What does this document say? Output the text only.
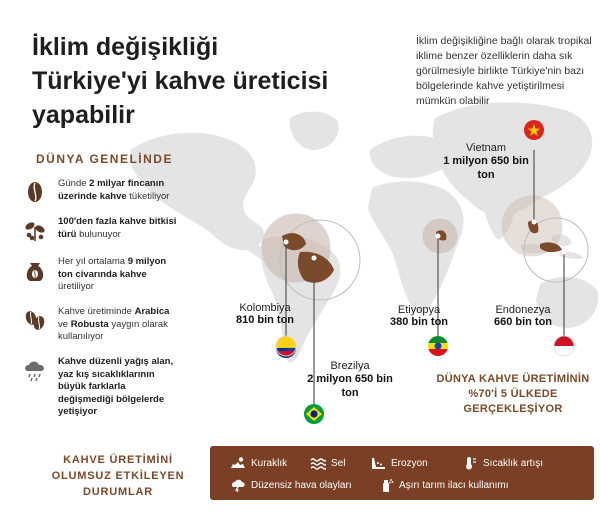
İklim değişikliği
Türkiye'yi kahve üreticisi
yapabilir
İklim değişikliğine bağlı olarak tropikal iklime benzer özelliklerin daha sık görülmesiyle birlikte Türkiye'nin bazı bölgelerinde kahve yetiştirilmesi mümkün olabilir
DÜNYA GENELİNDE
Günde 2 milyar fincanın üzerinde kahve tüketiliyor
100'den fazla kahve bitkisi türü bulunuyor
Her yıl ortalama 9 milyon ton civarında kahve üretiliyor
Kahve üretiminde Arabica ve Robusta yaygın olarak kullanılıyor
Kahve düzenli yağış alan, yaz kış sıcaklıklarının büyük farklarla değişmediği bölgelerde yetişiyor
Kolombiya
810 bin ton
Brezilya
2 milyon 650 bin ton
Etiyopya
380 bin ton
Endonezya
660 bin ton
Vietnam
1 milyon 650 bin ton
DÜNYA KAHVE ÜRETİMİNİN
%70'İ 5 ÜLKEDE
GERÇEKLEŞİYOR
KAHVE ÜRETİMİNİ
OLUMSUZ ETKİLEYEN
DURUMLAR
Kuraklık	Sel	Erozyon	Sıcaklık artışı
Düzensiz hava olayları	Aşırı tarım ilacı kullanımı
